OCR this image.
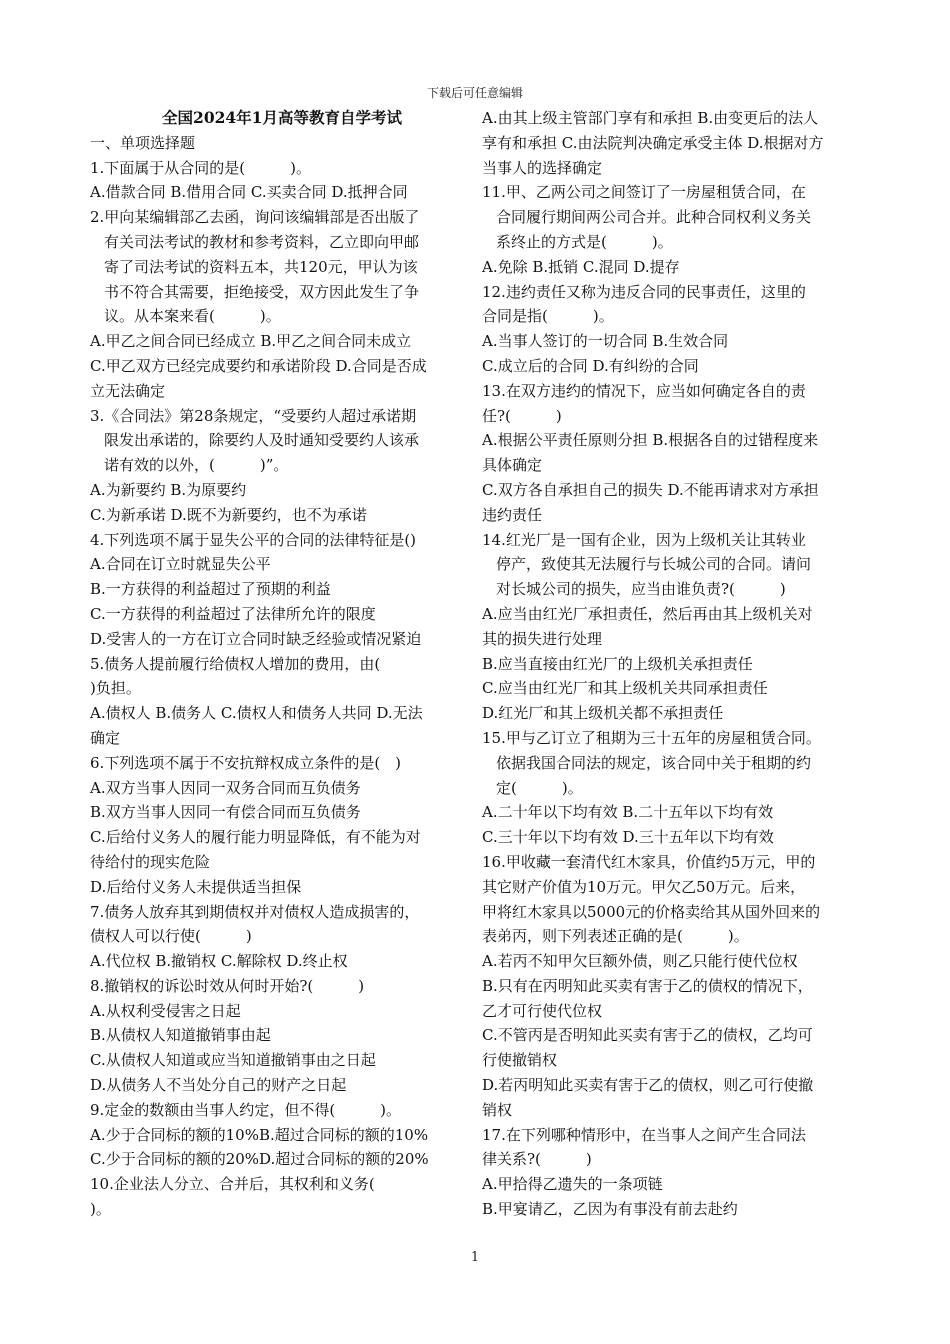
下载后可任意编辑
全国2024年1月高等教育自学考试
一、单项选择题
1.下面属于从合同的是(　　　)。
A.借款合同 B.借用合同 C.买卖合同 D.抵押合同
2.甲向某编辑部乙去函，询问该编辑部是否出版了
有关司法考试的教材和参考资料，乙立即向甲邮
寄了司法考试的资料五本，共120元，甲认为该
书不符合其需要，拒绝接受，双方因此发生了争
议。从本案来看(　　　)。
A.甲乙之间合同已经成立 B.甲乙之间合同未成立
C.甲乙双方已经完成要约和承诺阶段 D.合同是否成
立无法确定
3.《合同法》第28条规定，“受要约人超过承诺期
限发出承诺的，除要约人及时通知受要约人该承
诺有效的以外，(　　　)”。
A.为新要约 B.为原要约
C.为新承诺 D.既不为新要约，也不为承诺
4.下列选项不属于显失公平的合同的法律特征是()
A.合同在订立时就显失公平
B.一方获得的利益超过了预期的利益
C.一方获得的利益超过了法律所允许的限度
D.受害人的一方在订立合同时缺乏经验或情况紧迫
5.债务人提前履行给债权人增加的费用，由(
)负担。
A.债权人 B.债务人 C.债权人和债务人共同 D.无法
确定
6.下列选项不属于不安抗辩权成立条件的是(　)
A.双方当事人因同一双务合同而互负债务
B.双方当事人因同一有偿合同而互负债务
C.后给付义务人的履行能力明显降低，有不能为对
待给付的现实危险
D.后给付义务人未提供适当担保
7.债务人放弃其到期债权并对债权人造成损害的，
债权人可以行使(　　　)
A.代位权 B.撤销权 C.解除权 D.终止权
8.撤销权的诉讼时效从何时开始?(　　　)
A.从权利受侵害之日起
B.从债权人知道撤销事由起
C.从债权人知道或应当知道撤销事由之日起
D.从债务人不当处分自己的财产之日起
9.定金的数额由当事人约定，但不得(　　　)。
A.少于合同标的额的10%B.超过合同标的额的10%
C.少于合同标的额的20%D.超过合同标的额的20%
10.企业法人分立、合并后，其权利和义务(
)。
A.由其上级主管部门享有和承担 B.由变更后的法人
享有和承担 C.由法院判决确定承受主体 D.根据对方
当事人的选择确定
11.甲、乙两公司之间签订了一房屋租赁合同，在
合同履行期间两公司合并。此种合同权利义务关
系终止的方式是(　　　)。
A.免除 B.抵销 C.混同 D.提存
12.违约责任又称为违反合同的民事责任，这里的
合同是指(　　　)。
A.当事人签订的一切合同 B.生效合同
C.成立后的合同 D.有纠纷的合同
13.在双方违约的情况下，应当如何确定各自的责
任?(　　　)
A.根据公平责任原则分担 B.根据各自的过错程度来
具体确定
C.双方各自承担自己的损失 D.不能再请求对方承担
违约责任
14.红光厂是一国有企业，因为上级机关让其转业
停产，致使其无法履行与长城公司的合同。请问
对长城公司的损失，应当由谁负责?(　　　)
A.应当由红光厂承担责任，然后再由其上级机关对
其的损失进行处理
B.应当直接由红光厂的上级机关承担责任
C.应当由红光厂和其上级机关共同承担责任
D.红光厂和其上级机关都不承担责任
15.甲与乙订立了租期为三十五年的房屋租赁合同。
依据我国合同法的规定，该合同中关于租期的约
定(　　　)。
A.二十年以下均有效 B.二十五年以下均有效
C.三十年以下均有效 D.三十五年以下均有效
16.甲收藏一套清代红木家具，价值约5万元，甲的
其它财产价值为10万元。甲欠乙50万元。后来，
甲将红木家具以5000元的价格卖给其从国外回来的
表弟丙，则下列表述正确的是(　　　)。
A.若丙不知甲欠巨额外债，则乙只能行使代位权
B.只有在丙明知此买卖有害于乙的债权的情况下，
乙才可行使代位权
C.不管丙是否明知此买卖有害于乙的债权，乙均可
行使撤销权
D.若丙明知此买卖有害于乙的债权，则乙可行使撤
销权
17.在下列哪种情形中，在当事人之间产生合同法
律关系?(　　　)
A.甲拾得乙遗失的一条项链
B.甲宴请乙，乙因为有事没有前去赴约
1
